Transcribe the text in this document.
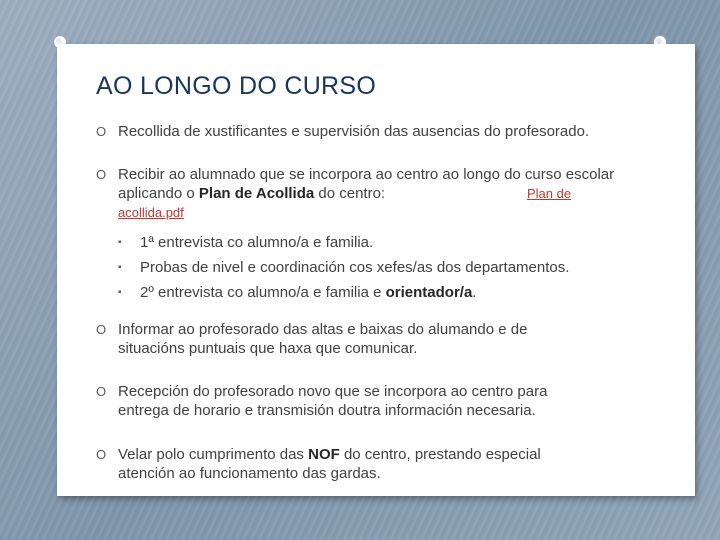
AO LONGO DO CURSO
O Recollida de xustificantes e supervisión das ausencias do profesorado.
O Recibir ao alumnado que se incorpora ao centro ao longo do curso escolar aplicando o Plan de Acollida do centro:	Plan de
acollida.pdf
▪ 1ª entrevista co alumno/a e familia.
▪ Probas de nivel e coordinación cos xefes/as dos departamentos.
▪ 2º entrevista co alumno/a e familia e orientador/a.
O Informar ao profesorado das altas e baixas do alumando e de situacións puntuais que haxa que comunicar.
O Recepción do profesorado novo que se incorpora ao centro para entrega de horario e transmisión doutra información necesaria.
O Velar polo cumprimento das NOF do centro, prestando especial atención ao funcionamento das gardas.
